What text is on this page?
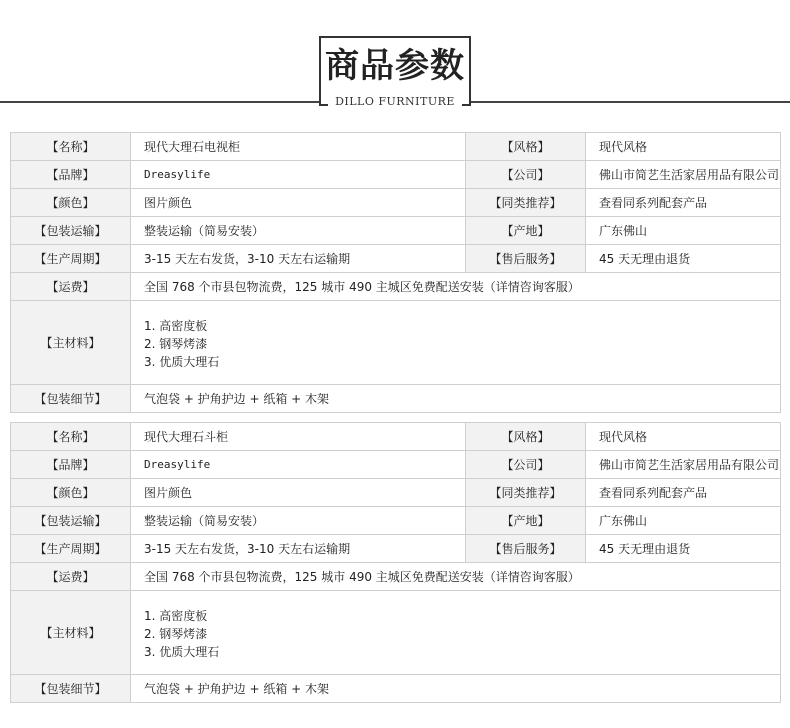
商品参数
DILLO FURNITURE
【名称】	现代大理石电视柜	【风格】	现代风格
【品牌】	Dreasylife	【公司】	佛山市简艺生活家居用品有限公司
【颜色】	图片颜色	【同类推荐】	查看同系列配套产品
【包装运输】	整装运输（简易安装）	【产地】	广东佛山
【生产周期】	3-15 天左右发货，3-10 天左右运输期	【售后服务】	45 天无理由退货
【运费】	全国 768 个市县包物流费，125 城市 490 主城区免费配送安装（详情咨询客服）		
【主材料】	1. 高密度板
2. 钢琴烤漆
3. 优质大理石		

【包装细节】	气泡袋 + 护角护边 + 纸箱 + 木架		
【名称】	现代大理石斗柜	【风格】	现代风格
【品牌】	Dreasylife	【公司】	佛山市简艺生活家居用品有限公司
【颜色】	图片颜色	【同类推荐】	查看同系列配套产品
【包装运输】	整装运输（简易安装）	【产地】	广东佛山
【生产周期】	3-15 天左右发货，3-10 天左右运输期	【售后服务】	45 天无理由退货
【运费】	全国 768 个市县包物流费，125 城市 490 主城区免费配送安装（详情咨询客服）		
【主材料】	1. 高密度板
2. 钢琴烤漆
3. 优质大理石		

【包装细节】	气泡袋 + 护角护边 + 纸箱 + 木架		
